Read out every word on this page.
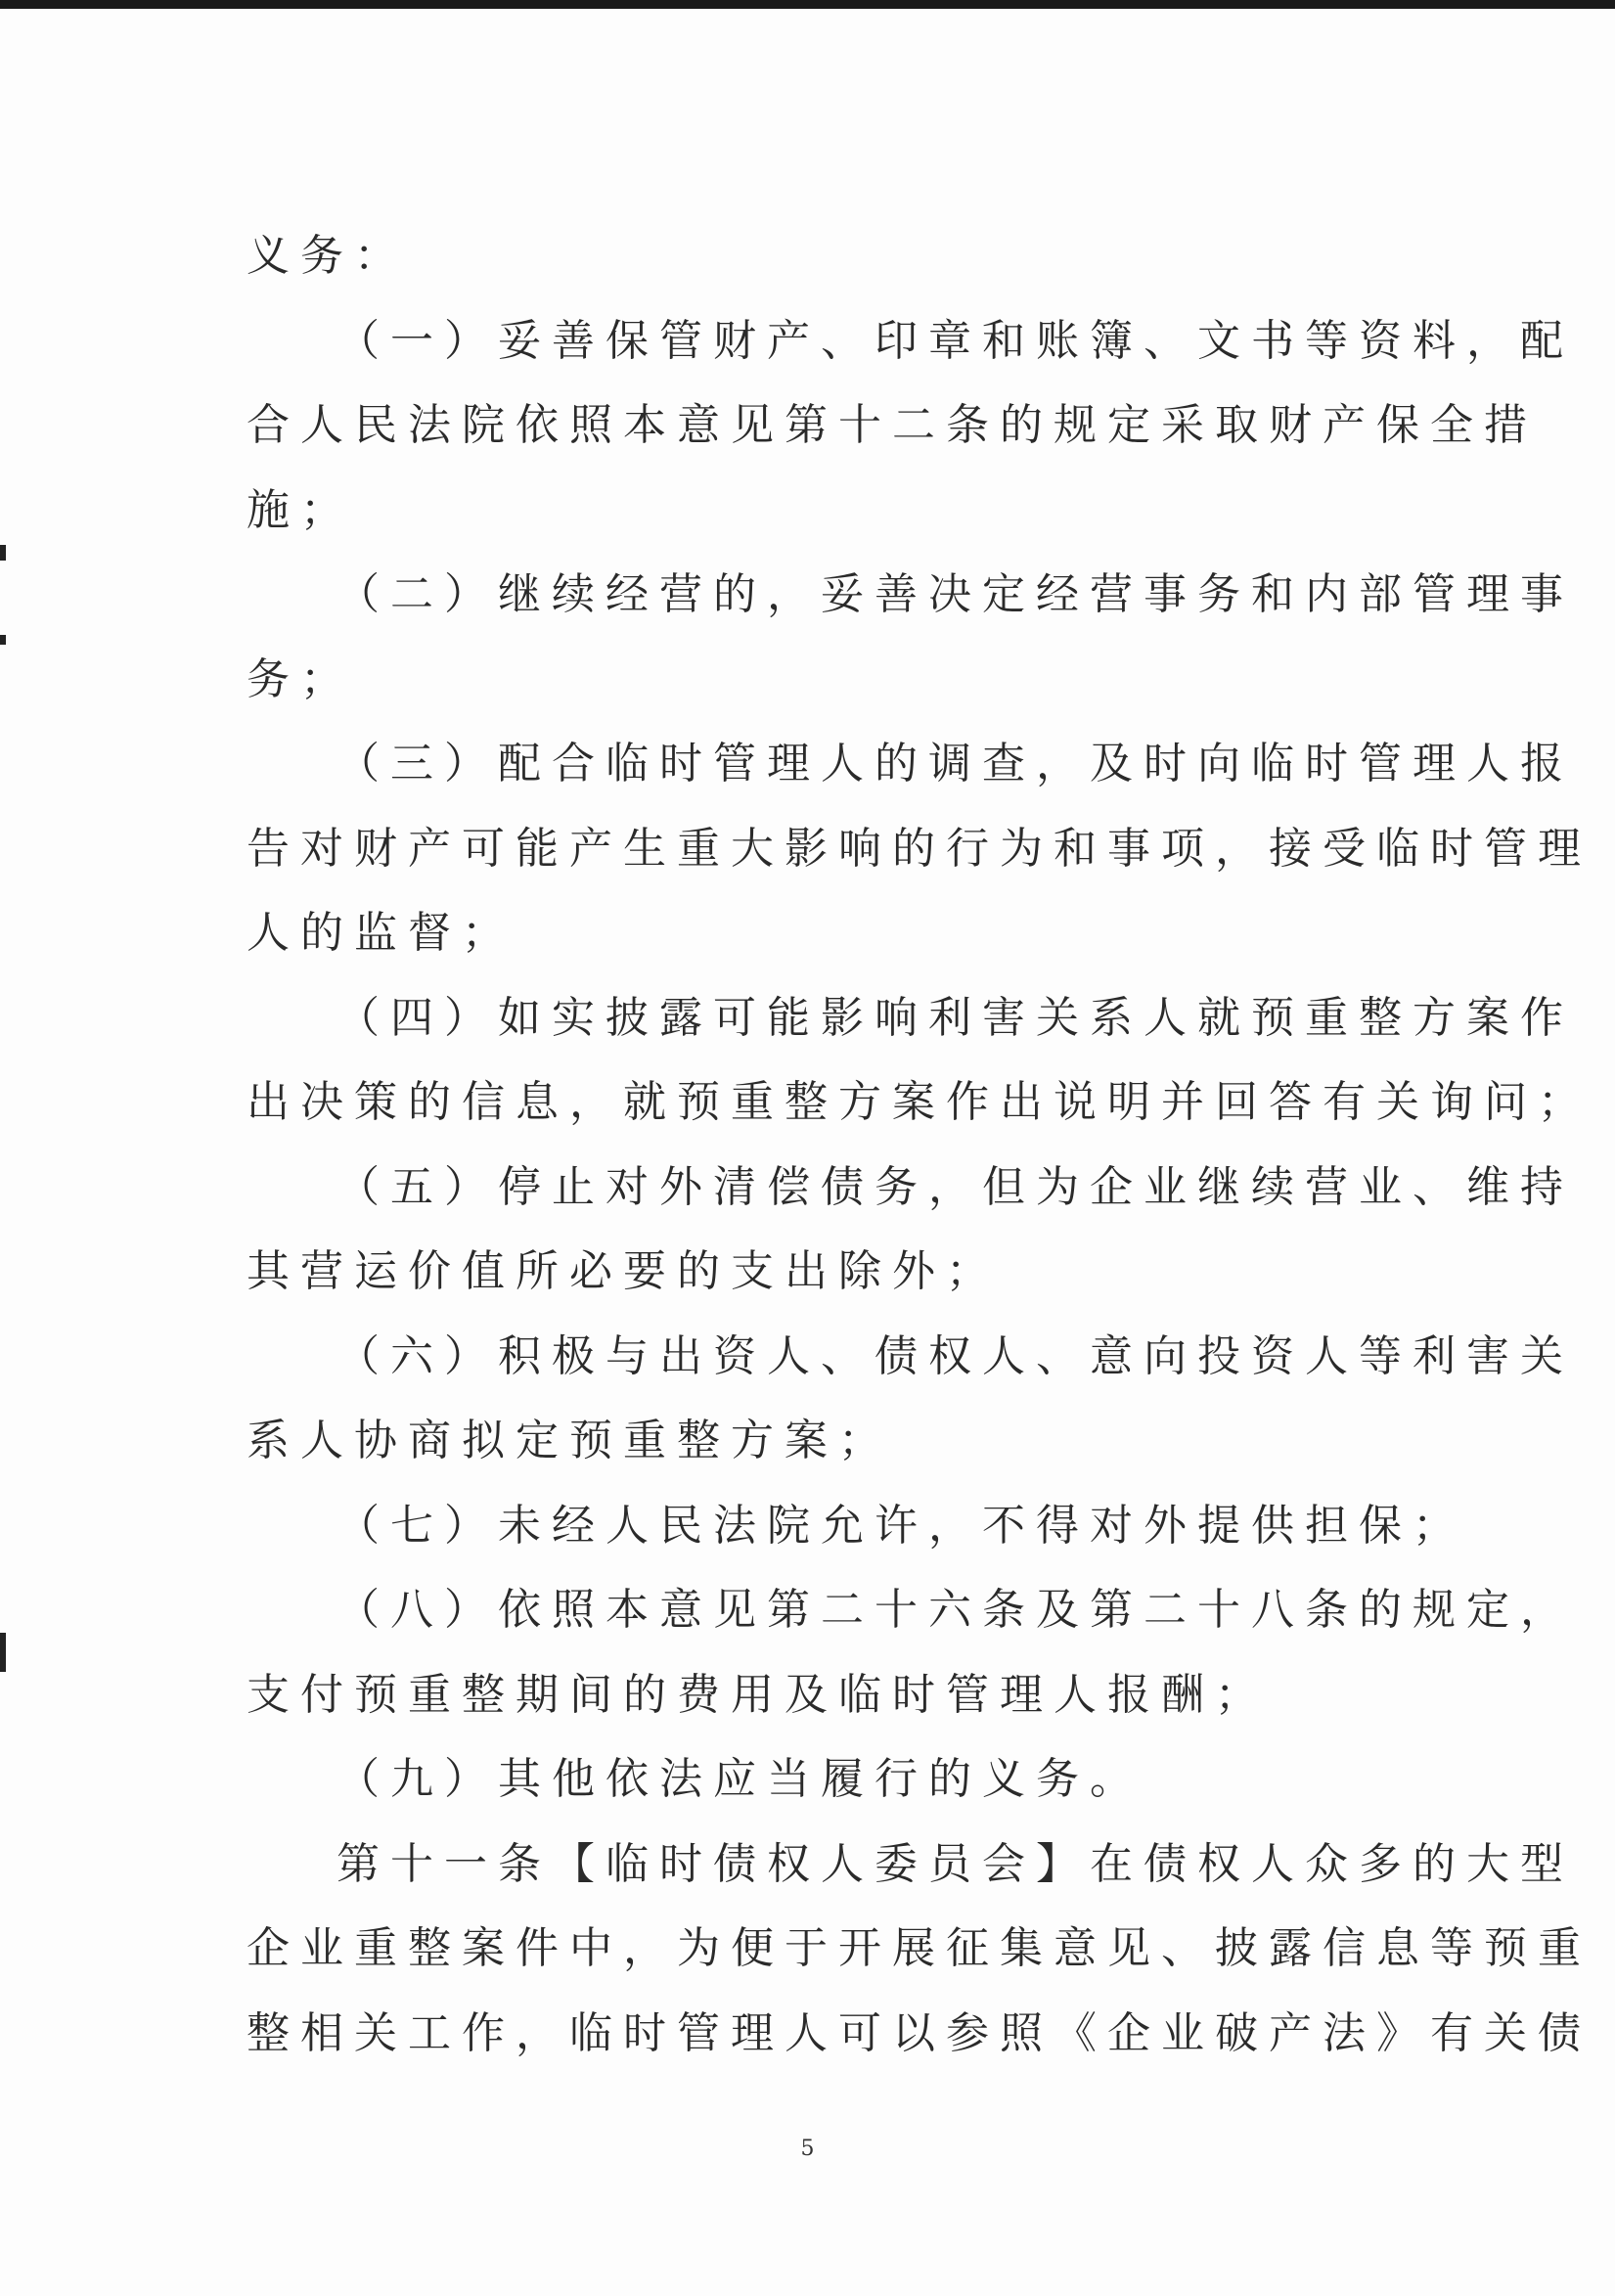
义务：
（一）妥善保管财产、印章和账簿、文书等资料，配
合人民法院依照本意见第十二条的规定采取财产保全措
施；
（二）继续经营的，妥善决定经营事务和内部管理事
务；
（三）配合临时管理人的调查，及时向临时管理人报
告对财产可能产生重大影响的行为和事项，接受临时管理
人的监督；
（四）如实披露可能影响利害关系人就预重整方案作
出决策的信息，就预重整方案作出说明并回答有关询问；
（五）停止对外清偿债务，但为企业继续营业、维持
其营运价值所必要的支出除外；
（六）积极与出资人、债权人、意向投资人等利害关
系人协商拟定预重整方案；
（七）未经人民法院允许，不得对外提供担保；
（八）依照本意见第二十六条及第二十八条的规定，
支付预重整期间的费用及临时管理人报酬；
（九）其他依法应当履行的义务。
第十一条【临时债权人委员会】在债权人众多的大型
企业重整案件中，为便于开展征集意见、披露信息等预重
整相关工作，临时管理人可以参照《企业破产法》有关债
5
